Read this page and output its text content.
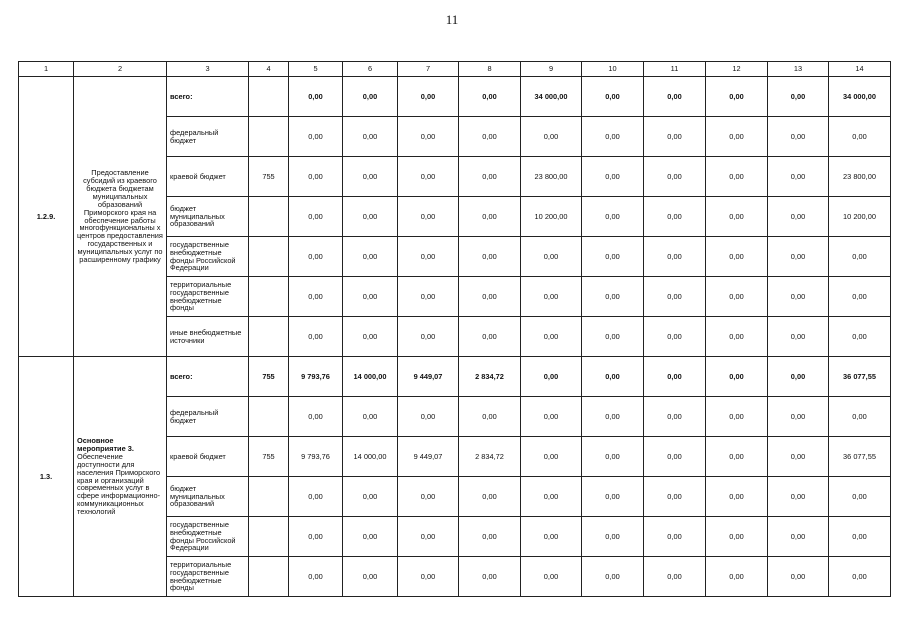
11
1	2	3	4	5	6	7	8	9	10	11	12	13	14
1.2.9.	Предоставление субсидий из краевого бюджета бюджетам муниципальных образований Приморского края на обеспечение работы многофункциональны х центров предоставления государственных и муниципальных услуг по расширенному графику	всего:		0,00	0,00	0,00	0,00	34 000,00	0,00	0,00	0,00	0,00	34 000,00
		федеральный бюджет		0,00	0,00	0,00	0,00	0,00	0,00	0,00	0,00	0,00	0,00
		краевой бюджет	755	0,00	0,00	0,00	0,00	23 800,00	0,00	0,00	0,00	0,00	23 800,00
		бюджет муниципальных образований		0,00	0,00	0,00	0,00	10 200,00	0,00	0,00	0,00	0,00	10 200,00
		государственные внебюджетные фонды Российской Федерации		0,00	0,00	0,00	0,00	0,00	0,00	0,00	0,00	0,00	0,00
		территориальные государственные внебюджетные фонды		0,00	0,00	0,00	0,00	0,00	0,00	0,00	0,00	0,00	0,00
		иные внебюджетные источники		0,00	0,00	0,00	0,00	0,00	0,00	0,00	0,00	0,00	0,00
1.3.	Основное мероприятие 3. Обеспечение доступности для населения Приморского края и организаций современных услуг в сфере информационно-коммуникационных технологий	всего:	755	9 793,76	14 000,00	9 449,07	2 834,72	0,00	0,00	0,00	0,00	0,00	36 077,55
		федеральный бюджет		0,00	0,00	0,00	0,00	0,00	0,00	0,00	0,00	0,00	0,00
		краевой бюджет	755	9 793,76	14 000,00	9 449,07	2 834,72	0,00	0,00	0,00	0,00	0,00	36 077,55
		бюджет муниципальных образований		0,00	0,00	0,00	0,00	0,00	0,00	0,00	0,00	0,00	0,00
		государственные внебюджетные фонды Российской Федерации		0,00	0,00	0,00	0,00	0,00	0,00	0,00	0,00	0,00	0,00
		территориальные государственные внебюджетные фонды		0,00	0,00	0,00	0,00	0,00	0,00	0,00	0,00	0,00	0,00
